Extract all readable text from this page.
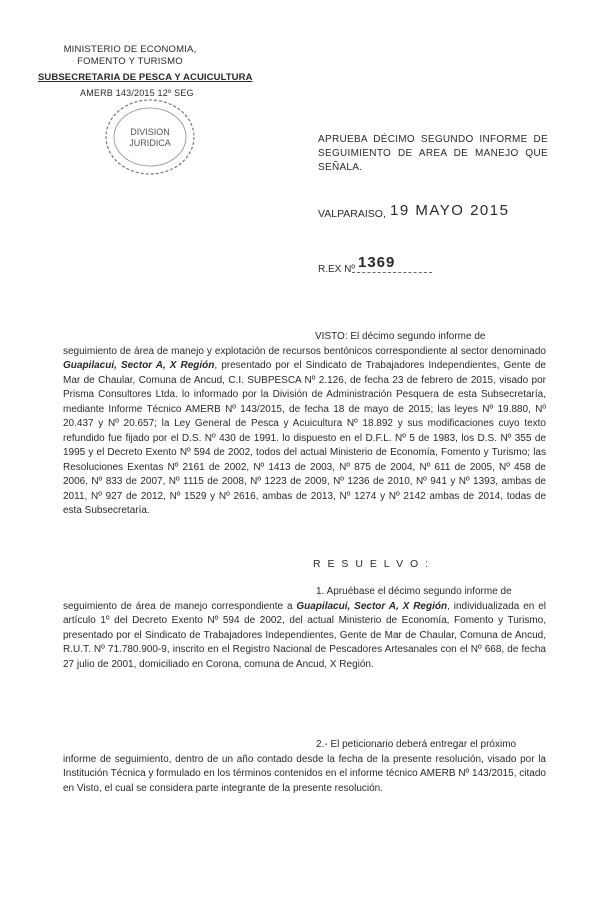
MINISTERIO DE ECONOMIA,
FOMENTO Y TURISMO
SUBSECRETARIA DE PESCA Y ACUICULTURA
AMERB 143/2015 12º SEG
DIVISION
JURIDICA	APRUEBA DÉCIMO SEGUNDO INFORME DE SEGUIMIENTO DE AREA DE MANEJO QUE SEÑALA.
VALPARAISO, 19 MAYO 2015
R.EX Nº 1369
VISTO: El décimo segundo informe de
seguimiento de área de manejo y explotación de recursos bentónicos correspondiente al sector denominado Guapilacui, Sector A, X Región, presentado por el Sindicato de Trabajadores Independientes, Gente de Mar de Chaular, Comuna de Ancud, C.I. SUBPESCA Nº 2.126, de fecha 23 de febrero de 2015, visado por Prisma Consultores Ltda. lo informado por la División de Administración Pesquera de esta Subsecretaría, mediante Informe Técnico AMERB Nº 143/2015, de fecha 18 de mayo de 2015; las leyes Nº 19.880, Nº 20.437 y Nº 20.657; la Ley General de Pesca y Acuicultura Nº 18.892 y sus modificaciones cuyo texto refundido fue fijado por el D.S. Nº 430 de 1991. lo dispuesto en el D.F.L. Nº 5 de 1983, los D.S. Nº 355 de 1995 y el Decreto Exento Nº 594 de 2002, todos del actual Ministerio de Economía, Fomento y Turismo; las Resoluciones Exentas Nº 2161 de 2002, Nº 1413 de 2003, Nº 875 de 2004, Nº 611 de 2005, Nº 458 de 2006, Nº 833 de 2007, Nº 1115 de 2008, Nº 1223 de 2009, Nº 1236 de 2010, Nº 941 y Nº 1393, ambas de 2011, Nº 927 de 2012, Nº 1529 y Nº 2616, ambas de 2013, Nº 1274 y Nº 2142 ambas de 2014, todas de esta Subsecretaría.
R E S U E L V O :
1. Apruébase el décimo segundo informe de
seguimiento de área de manejo correspondiente a Guapilacui, Sector A, X Región, individualizada en el artículo 1º del Decreto Exento Nº 594 de 2002, del actual Ministerio de Economía, Fomento y Turismo, presentado por el Sindicato de Trabajadores Independientes, Gente de Mar de Chaular, Comuna de Ancud, R.U.T. Nº 71.780.900-9, inscrito en el Registro Nacional de Pescadores Artesanales con el Nº 668, de fecha 27 julio de 2001, domiciliado en Corona, comuna de Ancud, X Región.
2.- El peticionario deberá entregar el próximo
informe de seguimiento, dentro de un año contado desde la fecha de la presente resolución, visado por la Institución Técnica y formulado en los términos contenidos en el informe técnico AMERB Nº 143/2015, citado en Visto, el cual se considera parte integrante de la presente resolución.
